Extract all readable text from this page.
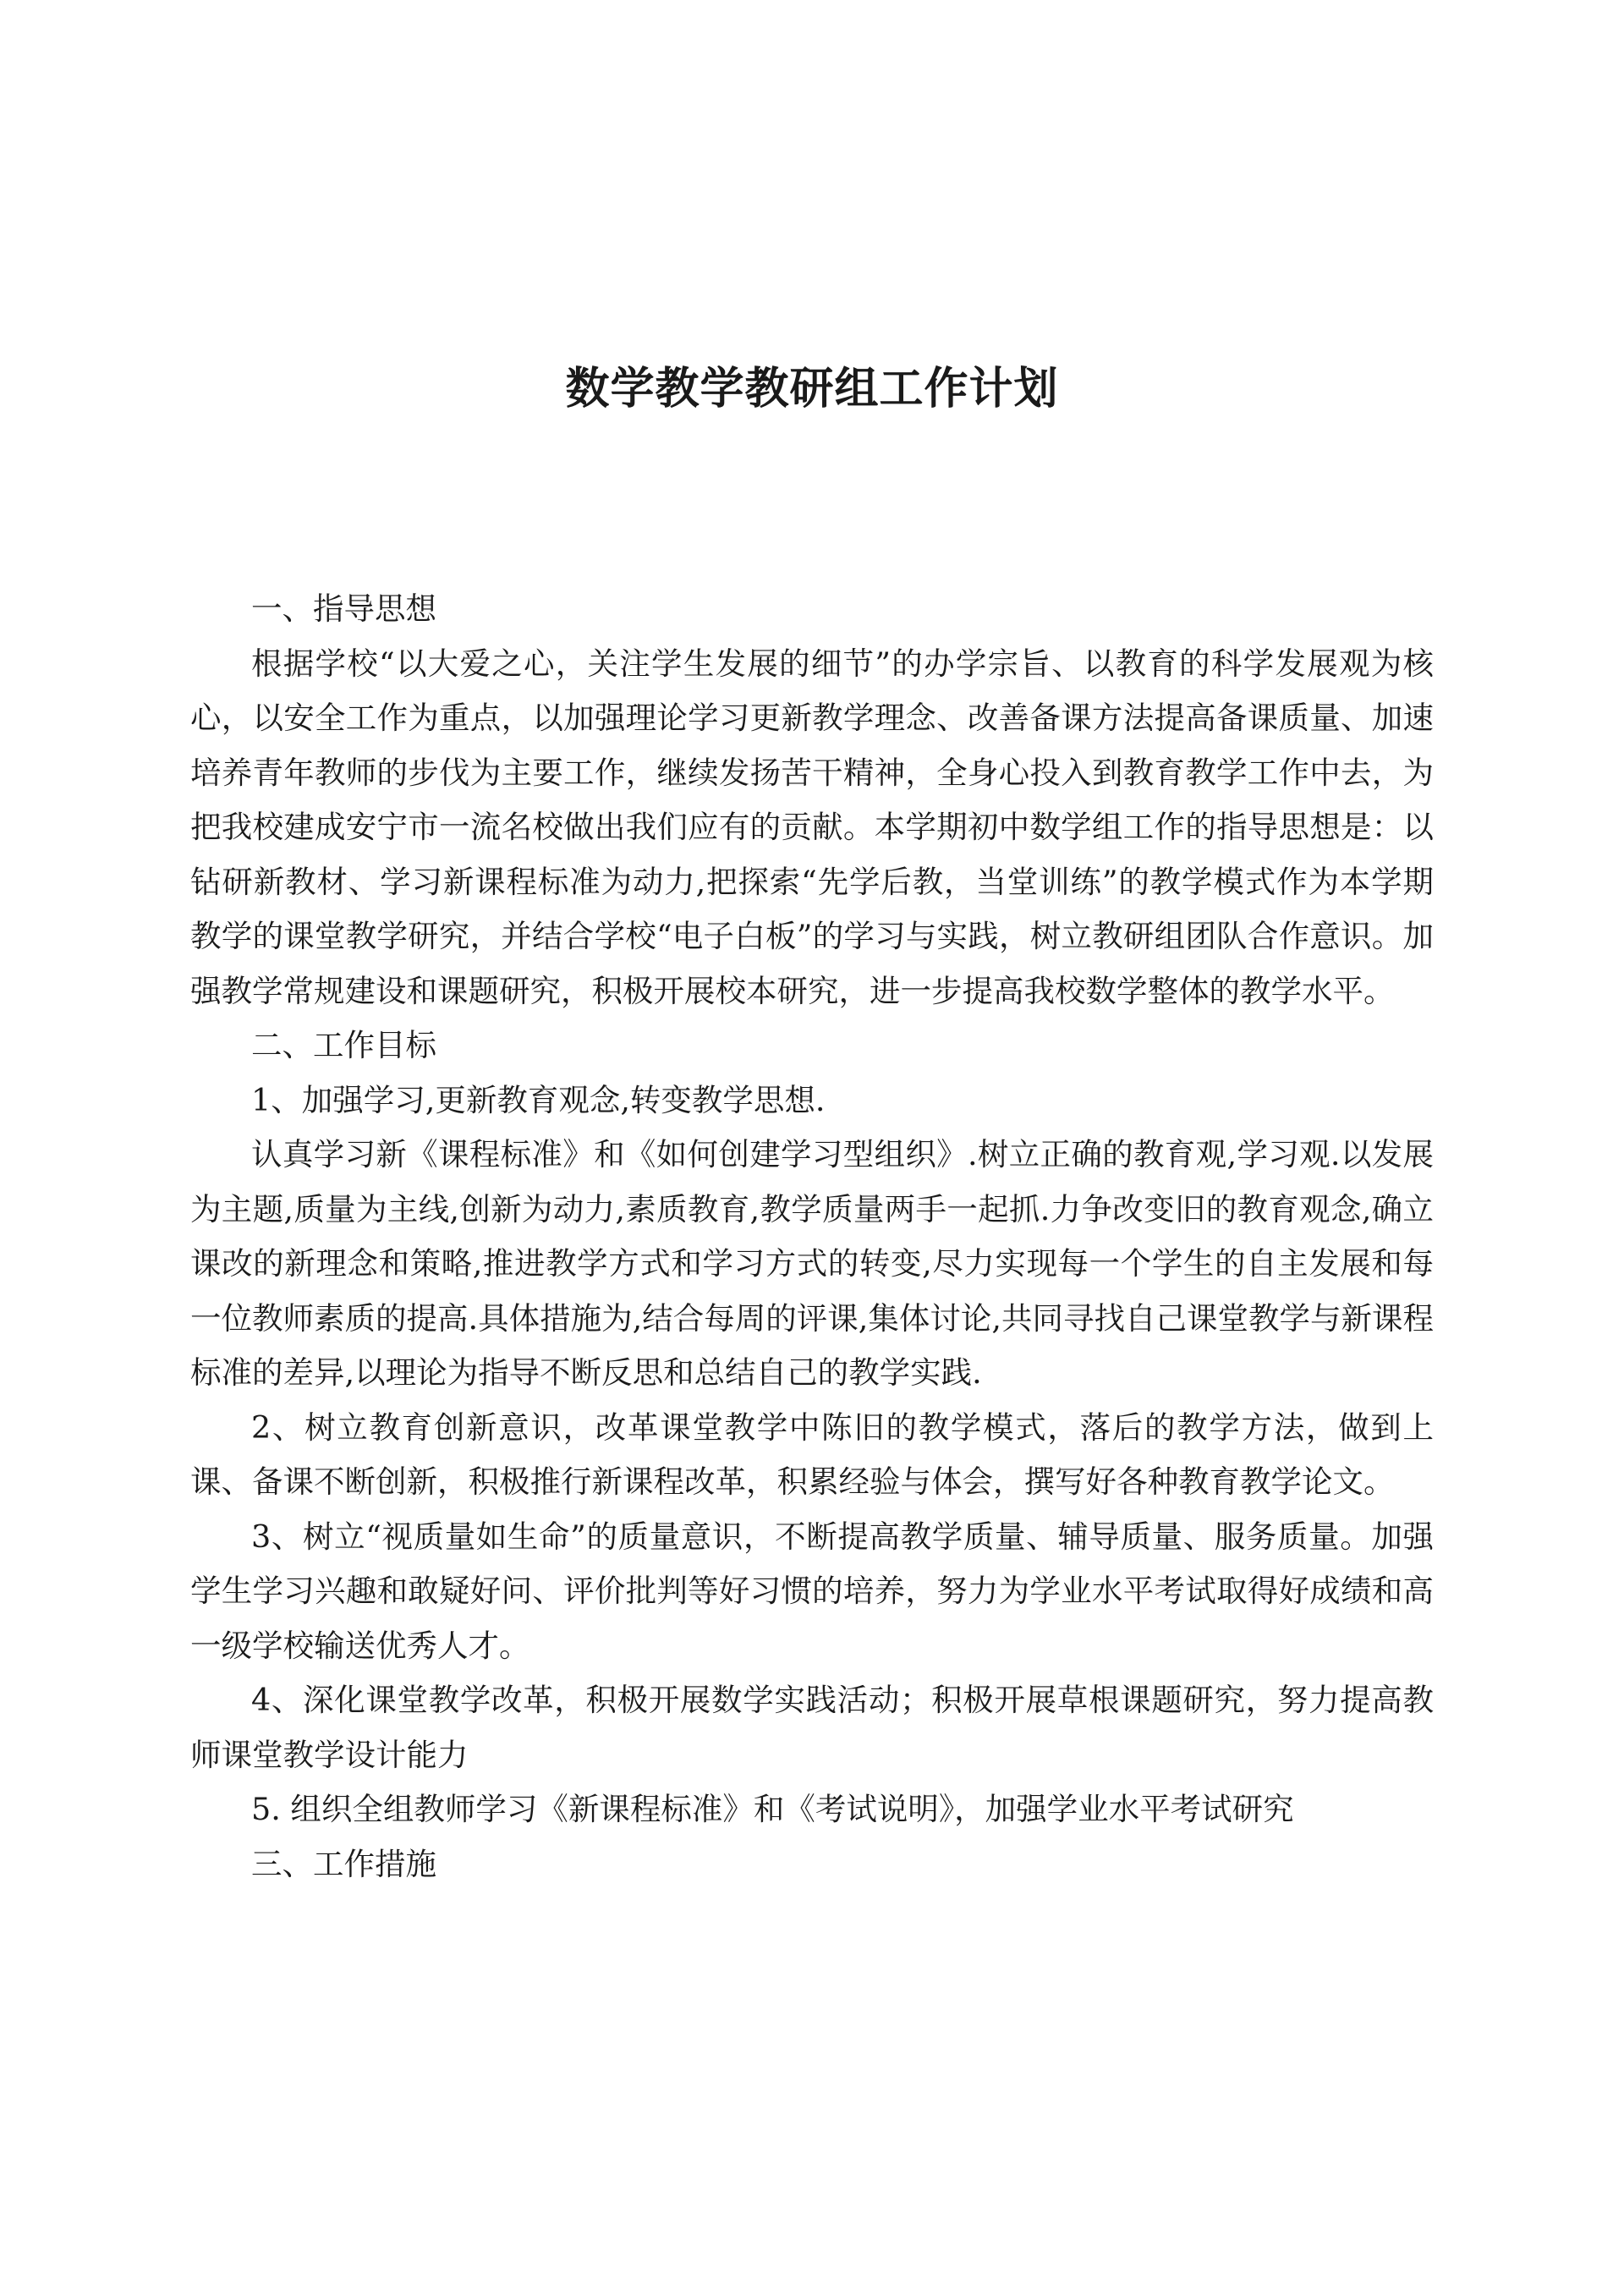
数学教学教研组工作计划

一、指导思想

根据学校“以大爱之心，关注学生发展的细节”的办学宗旨、以教育的科学发展观为核心，以安全工作为重点，以加强理论学习更新教学理念、改善备课方法提高备课质量、加速培养青年教师的步伐为主要工作，继续发扬苦干精神，全身心投入到教育教学工作中去，为把我校建成安宁市一流名校做出我们应有的贡献。本学期初中数学组工作的指导思想是：以钻研新教材、学习新课程标准为动力,把探索“先学后教，当堂训练”的教学模式作为本学期教学的课堂教学研究，并结合学校“电子白板”的学习与实践，树立教研组团队合作意识。加强教学常规建设和课题研究，积极开展校本研究，进一步提高我校数学整体的教学水平。

二、工作目标

1、加强学习,更新教育观念,转变教学思想.

认真学习新《课程标准》和《如何创建学习型组织》.树立正确的教育观,学习观.以发展为主题,质量为主线,创新为动力,素质教育,教学质量两手一起抓.力争改变旧的教育观念,确立课改的新理念和策略,推进教学方式和学习方式的转变,尽力实现每一个学生的自主发展和每一位教师素质的提高.具体措施为,结合每周的评课,集体讨论,共同寻找自己课堂教学与新课程标准的差异,以理论为指导不断反思和总结自己的教学实践.

2、树立教育创新意识，改革课堂教学中陈旧的教学模式，落后的教学方法，做到上课、备课不断创新，积极推行新课程改革，积累经验与体会，撰写好各种教育教学论文。

3、树立“视质量如生命”的质量意识，不断提高教学质量、辅导质量、服务质量。加强学生学习兴趣和敢疑好问、评价批判等好习惯的培养，努力为学业水平考试取得好成绩和高一级学校输送优秀人才。

4、深化课堂教学改革，积极开展数学实践活动；积极开展草根课题研究，努力提高教师课堂教学设计能力

5. 组织全组教师学习《新课程标准》和《考试说明》，加强学业水平考试研究

三、工作措施
